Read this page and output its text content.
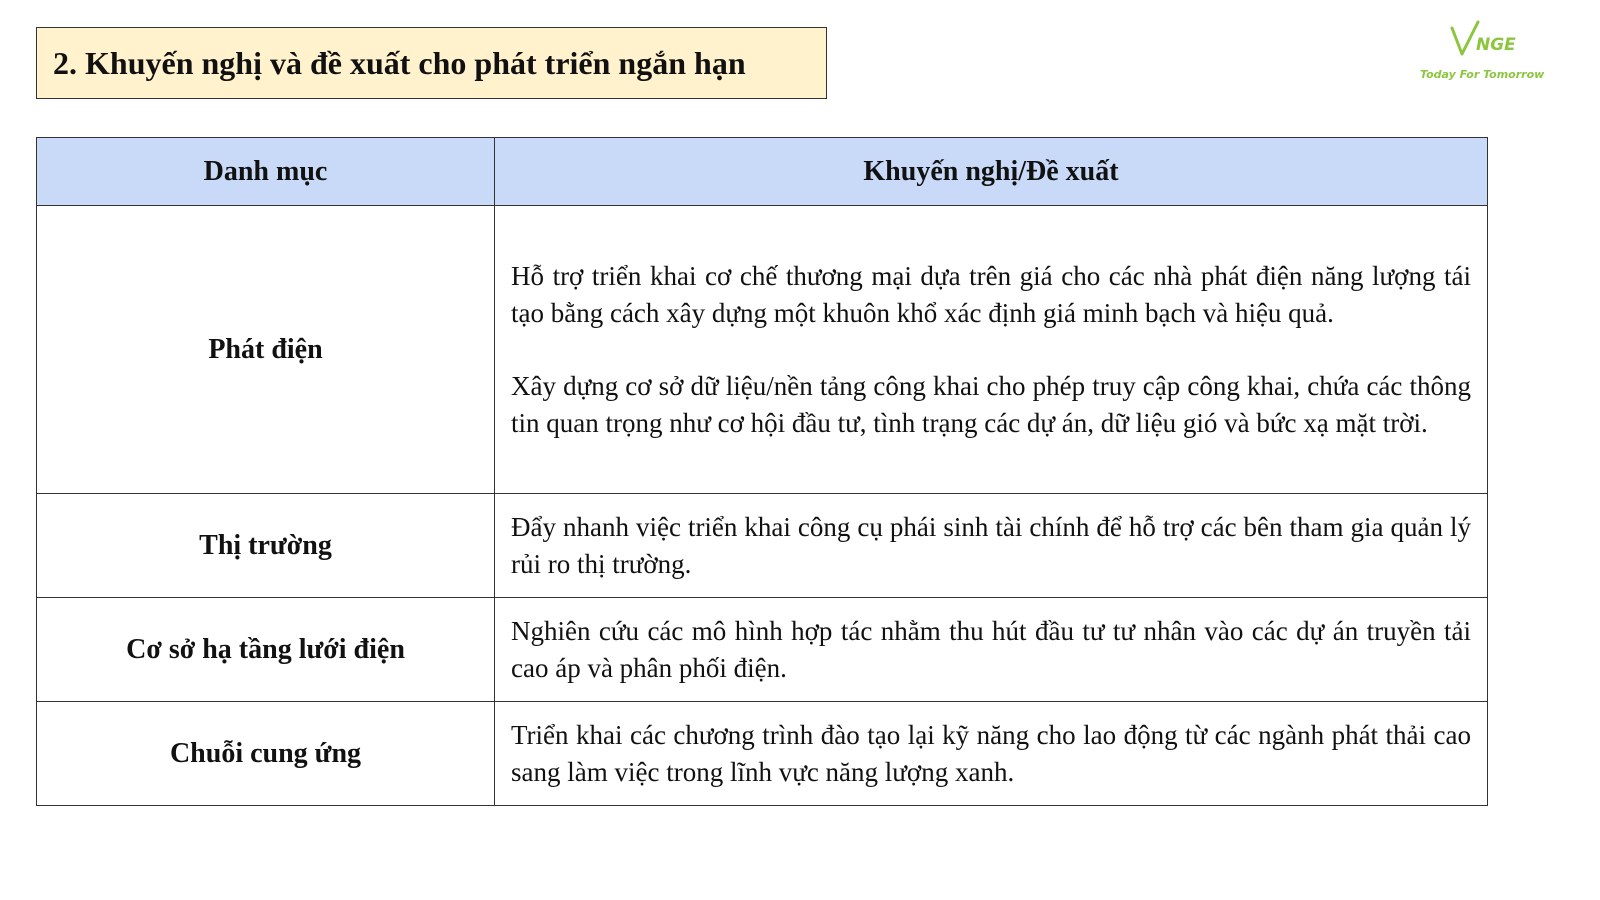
2. Khuyến nghị và đề xuất cho phát triển ngắn hạn	NGE
Today For Tomorrow
Danh mục	Khuyến nghị/Đề xuất
Phát điện	Hỗ trợ triển khai cơ chế thương mại dựa trên giá cho các nhà phát điện năng lượng tái tạo bằng cách xây dựng một khuôn khổ xác định giá minh bạch và hiệu quả.

Xây dựng cơ sở dữ liệu/nền tảng công khai cho phép truy cập công khai, chứa các thông tin quan trọng như cơ hội đầu tư, tình trạng các dự án, dữ liệu gió và bức xạ mặt trời.

Thị trường	Đẩy nhanh việc triển khai công cụ phái sinh tài chính để hỗ trợ các bên tham gia quản lý rủi ro thị trường.

Cơ sở hạ tầng lưới điện	Nghiên cứu các mô hình hợp tác nhằm thu hút đầu tư tư nhân vào các dự án truyền tải cao áp và phân phối điện.

Chuỗi cung ứng	Triển khai các chương trình đào tạo lại kỹ năng cho lao động từ các ngành phát thải cao sang làm việc trong lĩnh vực năng lượng xanh.
